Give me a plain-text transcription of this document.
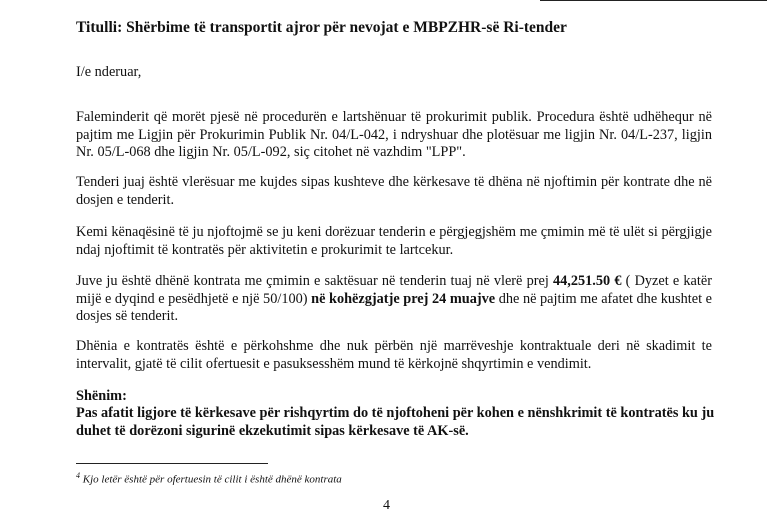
Titulli: Shërbime të transportit ajror për nevojat e MBPZHR-së Ri-tender

I/e nderuar,

Faleminderit që morët pjesë në procedurën e lartshënuar të prokurimit publik. Procedura është udhëhequr në pajtim me Ligjin për Prokurimin Publik Nr. 04/L-042, i ndryshuar dhe plotësuar me ligjin Nr. 04/L-237, ligjin Nr. 05/L-068 dhe ligjin Nr. 05/L-092, siç citohet në vazhdim "LPP".

Tenderi juaj është vlerësuar me kujdes sipas kushteve dhe kërkesave të dhëna në njoftimin për kontrate dhe në dosjen e tenderit.

Kemi kënaqësinë të ju njoftojmë se ju keni dorëzuar tenderin e përgjegjshëm me çmimin më të ulët si përgjigje ndaj njoftimit të kontratës për aktivitetin e prokurimit te lartcekur.

Juve ju është dhënë kontrata me çmimin e saktësuar në tenderin tuaj në vlerë prej 44,251.50 € ( Dyzet e katër mijë e dyqind e pesëdhjetë e një 50/100) në kohëzgjatje prej 24 muajve dhe në pajtim me afatet dhe kushtet e dosjes së tenderit.

Dhënia e kontratës është e përkohshme dhe nuk përbën një marrëveshje kontraktuale deri në skadimit te intervalit, gjatë të cilit ofertuesit e pasuksesshëm mund të kërkojnë shqyrtimin e vendimit.

Shënim:

Pas afatit ligjore të kërkesave për rishqyrtim do të njoftoheni për kohen e nënshkrimit të kontratës ku ju duhet të dorëzoni sigurinë ekzekutimit sipas kërkesave të AK-së.

$^4$ Kjo letër është për ofertuesin të cilit i është dhënë kontrata

4
